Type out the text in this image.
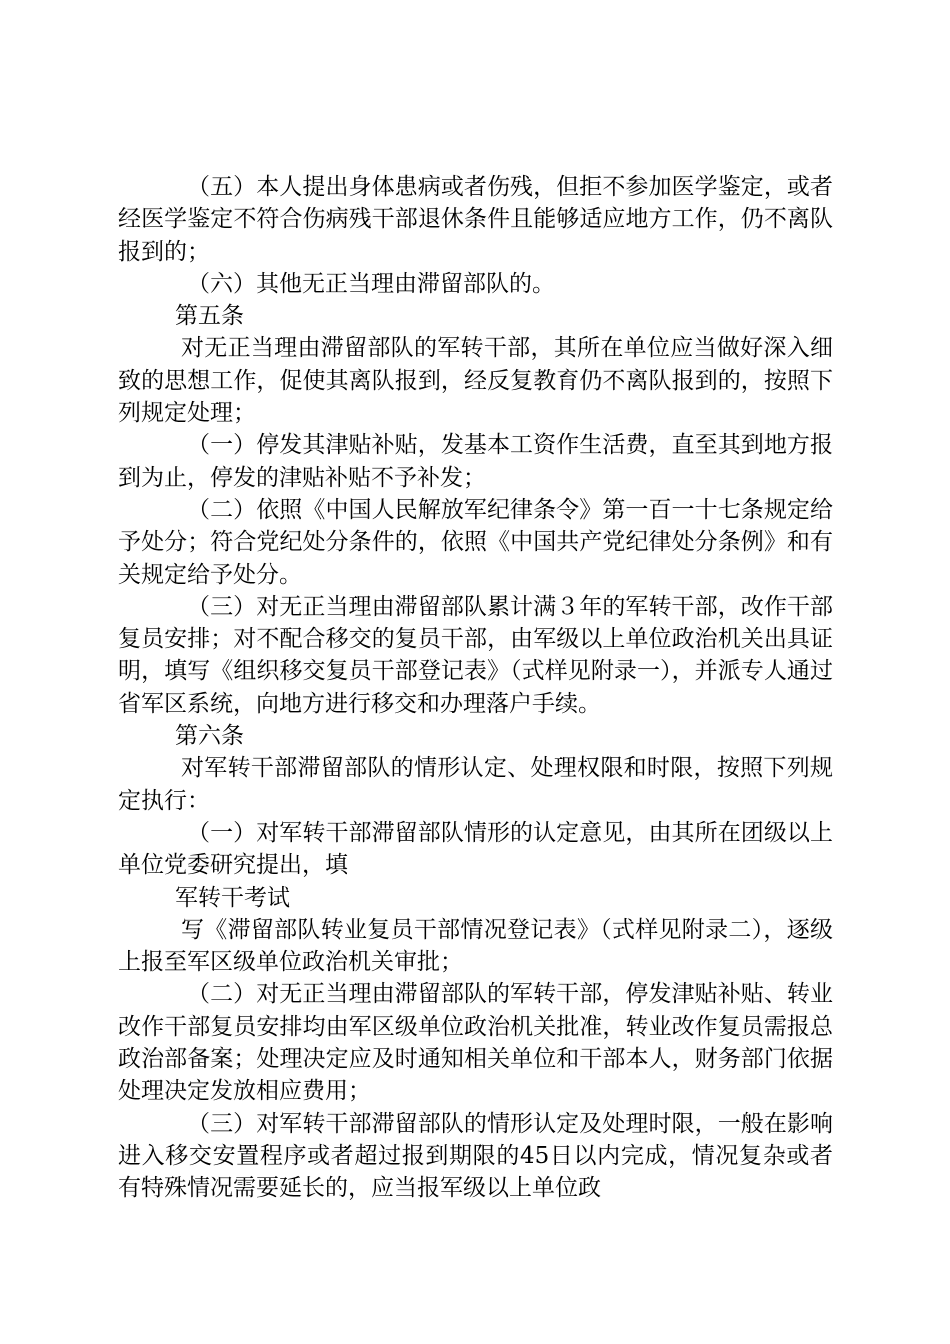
（五）本人提出身体患病或者伤残，但拒不参加医学鉴定，或者经医学鉴定不符合伤病残干部退休条件且能够适应地方工作，仍不离队报到的；

（六）其他无正当理由滞留部队的。

第五条

对无正当理由滞留部队的军转干部，其所在单位应当做好深入细致的思想工作，促使其离队报到，经反复教育仍不离队报到的，按照下列规定处理；

（一）停发其津贴补贴，发基本工资作生活费，直至其到地方报到为止，停发的津贴补贴不予补发；

（二）依照《中国人民解放军纪律条令》第一百一十七条规定给予处分；符合党纪处分条件的，依照《中国共产党纪律处分条例》和有关规定给予处分。

（三）对无正当理由滞留部队累计满３年的军转干部，改作干部复员安排；对不配合移交的复员干部，由军级以上单位政治机关出具证明，填写《组织移交复员干部登记表》（式样见附录一），并派专人通过省军区系统，向地方进行移交和办理落户手续。

第六条

对军转干部滞留部队的情形认定、处理权限和时限，按照下列规定执行：

（一）对军转干部滞留部队情形的认定意见，由其所在团级以上单位党委研究提出，填

军转干考试

写《滞留部队转业复员干部情况登记表》（式样见附录二），逐级上报至军区级单位政治机关审批；

（二）对无正当理由滞留部队的军转干部，停发津贴补贴、转业改作干部复员安排均由军区级单位政治机关批准，转业改作复员需报总政治部备案；处理决定应及时通知相关单位和干部本人，财务部门依据处理决定发放相应费用；

（三）对军转干部滞留部队的情形认定及处理时限，一般在影响进入移交安置程序或者超过报到期限的45日以内完成，情况复杂或者有特殊情况需要延长的，应当报军级以上单位政
